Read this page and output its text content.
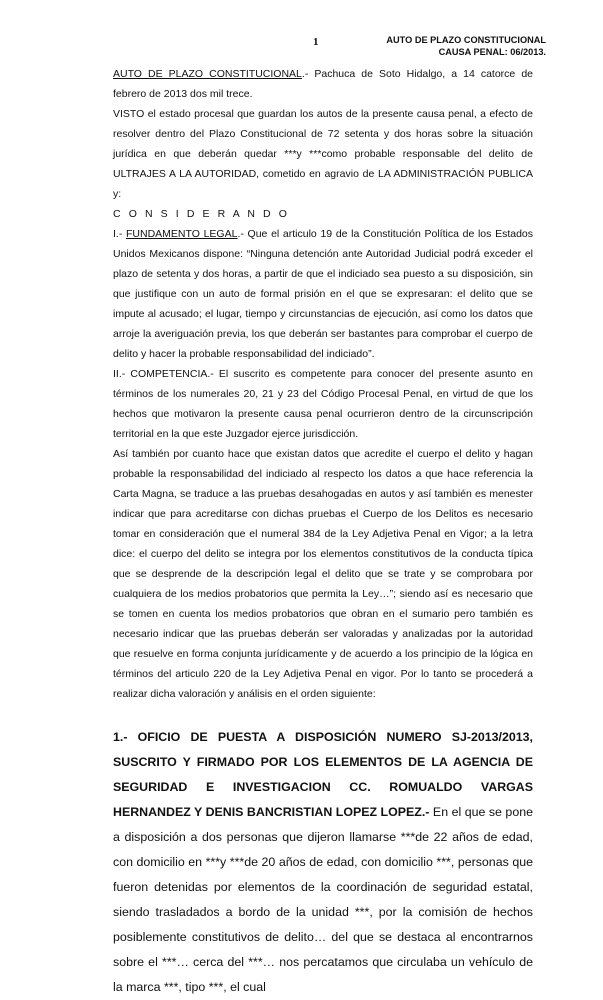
1	AUTO DE PLAZO CONSTITUCIONAL
CAUSA PENAL: 06/2013.

AUTO DE PLAZO CONSTITUCIONAL.- Pachuca de Soto Hidalgo, a 14 catorce de febrero de 2013 dos mil trece.

VISTO el estado procesal que guardan los autos de la presente causa penal, a efecto de resolver dentro del Plazo Constitucional de 72 setenta y dos horas sobre la situación jurídica en que deberán quedar ***y ***como probable responsable del delito de ULTRAJES A LA AUTORIDAD, cometido en agravio de LA ADMINISTRACIÓN PUBLICA y:

C O N S I D E R A N D O

I.- FUNDAMENTO LEGAL.- Que el articulo 19 de la Constitución Política de los Estados Unidos Mexicanos dispone: “Ninguna detención ante Autoridad Judicial podrá exceder el plazo de setenta y dos horas, a partir de que el indiciado sea puesto a su disposición, sin que justifique con un auto de formal prisión en el que se expresaran: el delito que se impute al acusado; el lugar, tiempo y circunstancias de ejecución, así como los datos que arroje la averiguación previa, los que deberán ser bastantes para comprobar el cuerpo de delito y hacer la probable responsabilidad del indiciado”.

II.- COMPETENCIA.- El suscrito es competente para conocer del presente asunto en términos de los numerales 20, 21 y 23 del Código Procesal Penal, en virtud de que los hechos que motivaron la presente causa penal ocurrieron dentro de la circunscripción territorial en la que este Juzgador ejerce jurisdicción.

Así también por cuanto hace que existan datos que acredite el cuerpo el delito y hagan probable la responsabilidad del indiciado al respecto los datos a que hace referencia la Carta Magna, se traduce a las pruebas desahogadas en autos y así también es menester indicar que para acreditarse con dichas pruebas el Cuerpo de los Delitos es necesario tomar en consideración que el numeral 384 de la Ley Adjetiva Penal en Vigor; a la letra dice: el cuerpo del delito se integra por los elementos constitutivos de la conducta típica que se desprende de la descripción legal el delito que se trate y se comprobara por cualquiera de los medios probatorios que permita la Ley…”; siendo así es necesario que se tomen en cuenta los medios probatorios que obran en el sumario pero también es necesario indicar que las pruebas deberán ser valoradas y analizadas por la autoridad que resuelve en forma conjunta jurídicamente y de acuerdo a los principio de la lógica en términos del articulo 220 de la Ley Adjetiva Penal en vigor. Por lo tanto se procederá a realizar dicha valoración y análisis en el orden siguiente:

1.- OFICIO DE PUESTA A DISPOSICIÓN NUMERO SJ-2013/2013, SUSCRITO Y FIRMADO POR LOS ELEMENTOS DE LA AGENCIA DE SEGURIDAD E INVESTIGACION CC. ROMUALDO VARGAS HERNANDEZ Y DENIS BANCRISTIAN LOPEZ LOPEZ.- En el que se pone a disposición a dos personas que dijeron llamarse ***de 22 años de edad, con domicilio en ***y ***de 20 años de edad, con domicilio ***, personas que fueron detenidas por elementos de la coordinación de seguridad estatal, siendo trasladados a bordo de la unidad ***, por la comisión de hechos posiblemente constitutivos de delito… del que se destaca al encontrarnos sobre el ***… cerca del ***… nos percatamos que circulaba un vehículo de la marca ***, tipo ***, el cual
